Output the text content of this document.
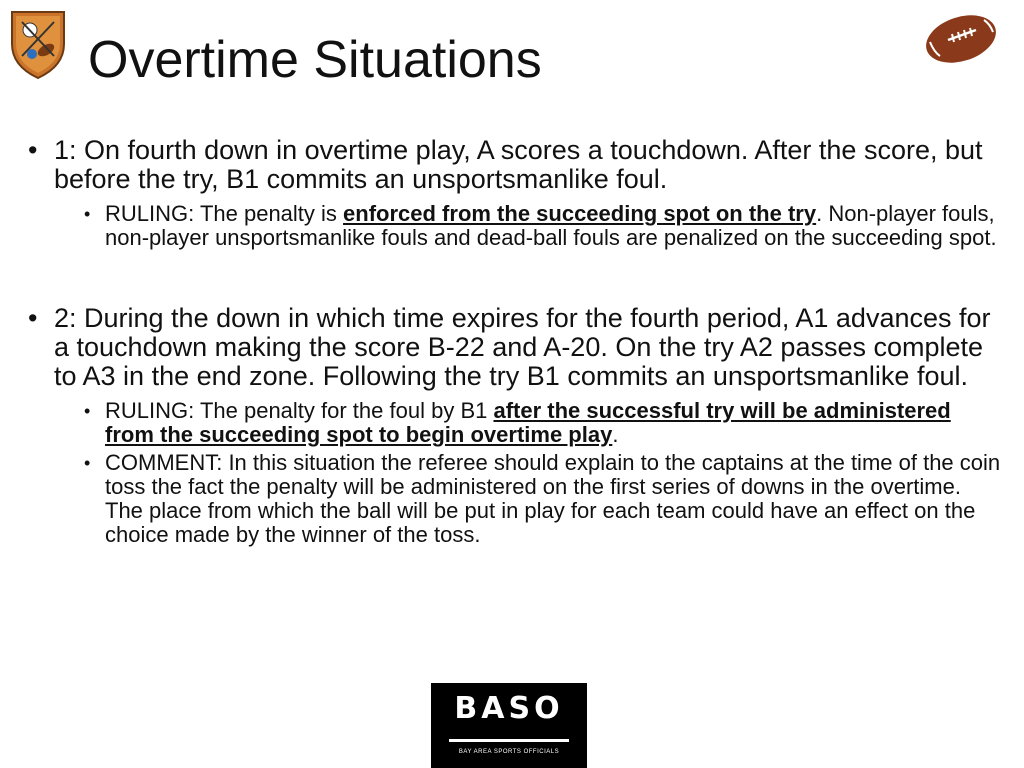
Overtime Situations

• 1: On fourth down in overtime play, A scores a touchdown. After the score, but before the try, B1 commits an unsportsmanlike foul.

• RULING: The penalty is enforced from the succeeding spot on the try. Non-player fouls, non-player unsportsmanlike fouls and dead-ball fouls are penalized on the succeeding spot.

• 2: During the down in which time expires for the fourth period, A1 advances for a touchdown making the score B-22 and A-20. On the try A2 passes complete to A3 in the end zone. Following the try B1 commits an unsportsmanlike foul.

• RULING: The penalty for the foul by B1 after the successful try will be administered from the succeeding spot to begin overtime play.

• COMMENT: In this situation the referee should explain to the captains at the time of the coin toss the fact the penalty will be administered on the first series of downs in the overtime. The place from which the ball will be put in play for each team could have an effect on the choice made by the winner of the toss.

BASO
BAY AREA SPORTS OFFICIALS
